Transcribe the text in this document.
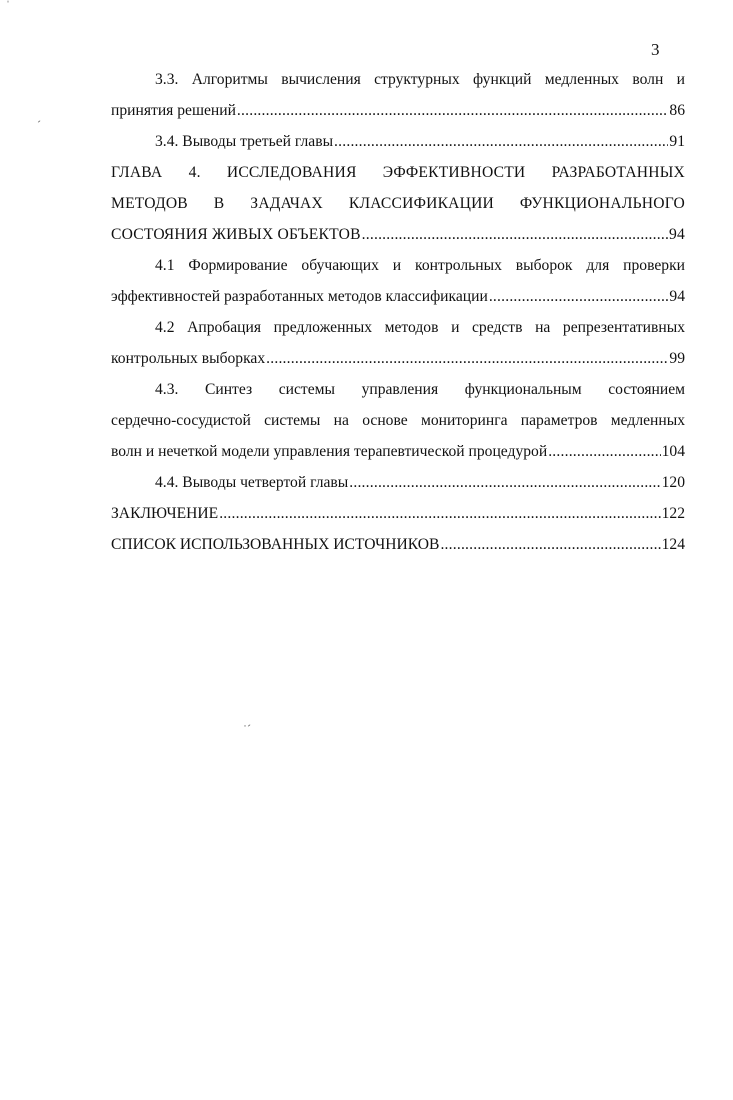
3
ˈ
ˊ
˙ˊ
3.3. Алгоритмы вычисления структурных функций медленных волн и
принятия решений .....	86
3.4. Выводы третьей главы .....	91
ГЛАВА 4. ИССЛЕДОВАНИЯ ЭФФЕКТИВНОСТИ РАЗРАБОТАННЫХ
МЕТОДОВ В ЗАДАЧАХ КЛАССИФИКАЦИИ ФУНКЦИОНАЛЬНОГО
СОСТОЯНИЯ ЖИВЫХ ОБЪЕКТОВ .....	94
4.1 Формирование обучающих и контрольных выборок для проверки
эффективностей разработанных методов классификации .....	94
4.2 Апробация предложенных методов и средств на репрезентативных
контрольных выборках .....	99
4.3. Синтез системы управления функциональным состоянием
сердечно-сосудистой системы на основе мониторинга параметров медленных
волн и нечеткой модели управления терапевтической процедурой .....	104
4.4. Выводы четвертой главы .....	120
ЗАКЛЮЧЕНИЕ .....	122
СПИСОК ИСПОЛЬЗОВАННЫХ ИСТОЧНИКОВ .....	124
